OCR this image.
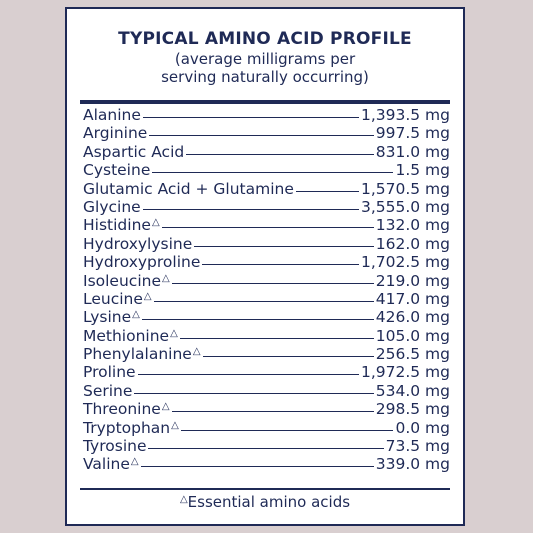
TYPICAL AMINO ACID PROFILE
(average milligrams per
serving naturally occurring)
Alanine	1,393.5 mg
Arginine	997.5 mg
Aspartic Acid	831.0 mg
Cysteine	1.5 mg
Glutamic Acid + Glutamine	1,570.5 mg
Glycine	3,555.0 mg
Histidine △	132.0 mg
Hydroxylysine	162.0 mg
Hydroxyproline	1,702.5 mg
Isoleucine △	219.0 mg
Leucine △	417.0 mg
Lysine △	426.0 mg
Methionine △	105.0 mg
Phenylalanine △	256.5 mg
Proline	1,972.5 mg
Serine	534.0 mg
Threonine △	298.5 mg
Tryptophan △	0.0 mg
Tyrosine	73.5 mg
Valine △	339.0 mg
△Essential amino acids
